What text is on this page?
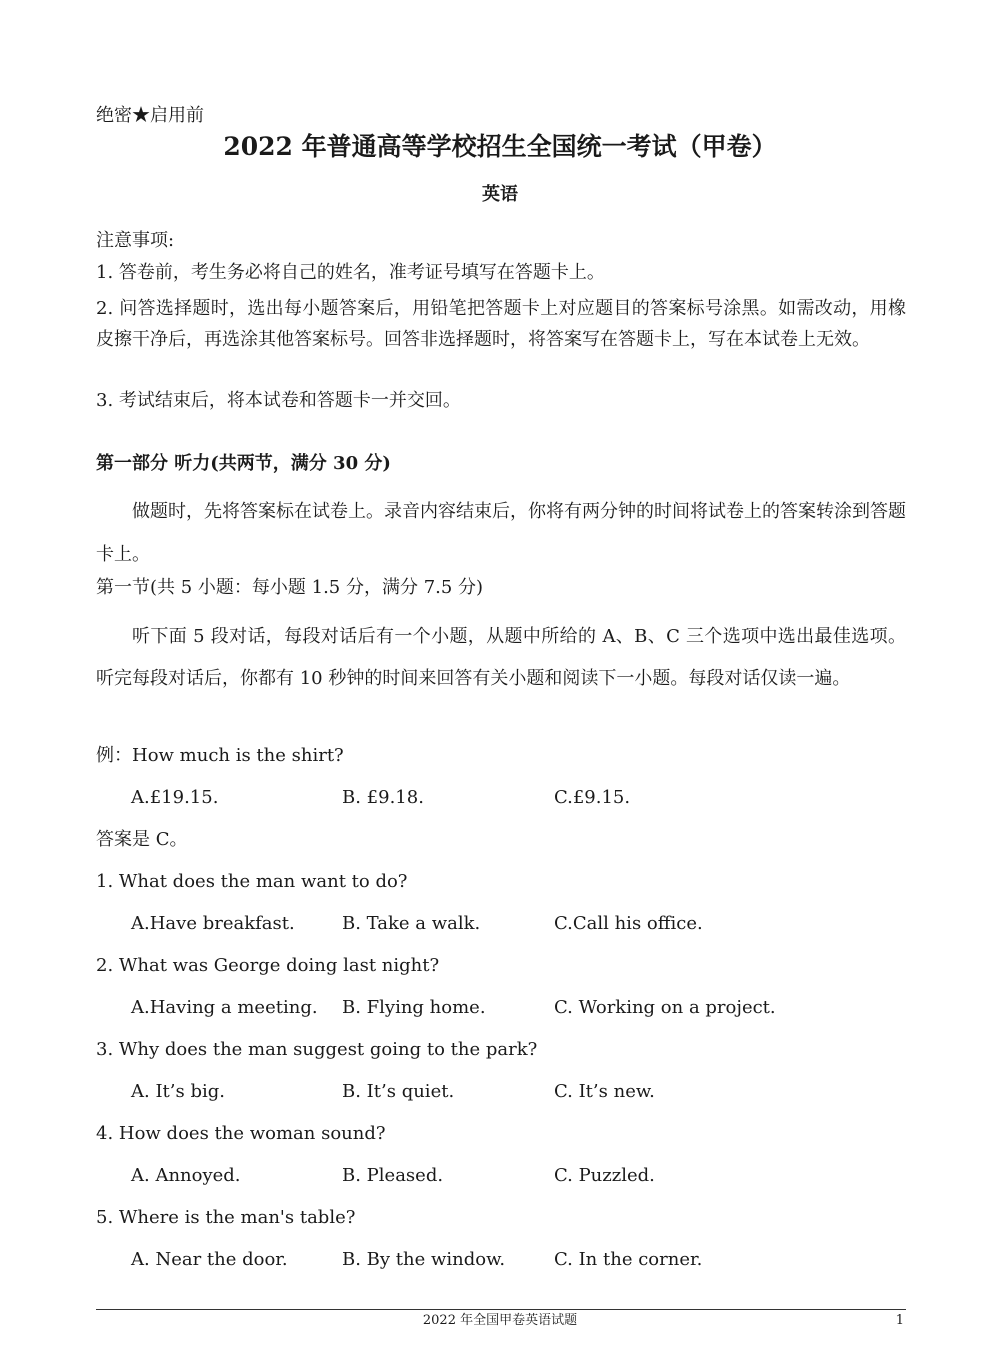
绝密★启用前
2022 年普通高等学校招生全国统一考试（甲卷）
英语
注意事项:
1. 答卷前，考生务必将自己的姓名，准考证号填写在答题卡上。
2. 问答选择题时，选出每小题答案后，用铅笔把答题卡上对应题目的答案标号涂黑。如需改动，用橡皮擦干净后，再选涂其他答案标号。回答非选择题时，将答案写在答题卡上，写在本试卷上无效。
3. 考试结束后，将本试卷和答题卡一并交回。
第一部分 听力(共两节，满分 30 分)
做题时，先将答案标在试卷上。录音内容结束后，你将有两分钟的时间将试卷上的答案转涂到答题卡上。
第一节(共 5 小题：每小题 1.5 分，满分 7.5 分)
听下面 5 段对话，每段对话后有一个小题，从题中所给的 A、B、C 三个选项中选出最佳选项。听完每段对话后，你都有 10 秒钟的时间来回答有关小题和阅读下一小题。每段对话仅读一遍。
例：How much is the shirt?
A.£19.15.	B. £9.18.	C.£9.15.
答案是 C。
1. What does the man want to do?
A.Have breakfast.	B. Take a walk.	C.Call his office.
2. What was George doing last night?
A.Having a meeting. B. Flying home.	C. Working on a project.
3. Why does the man suggest going to the park?
A. It’s big.	B. It’s quiet.	C. It’s new.
4. How does the woman sound?
A. Annoyed.	B. Pleased.	C. Puzzled.
5. Where is the man's table?
A. Near the door.	B. By the window.	C. In the corner.
2022 年全国甲卷英语试题	1
